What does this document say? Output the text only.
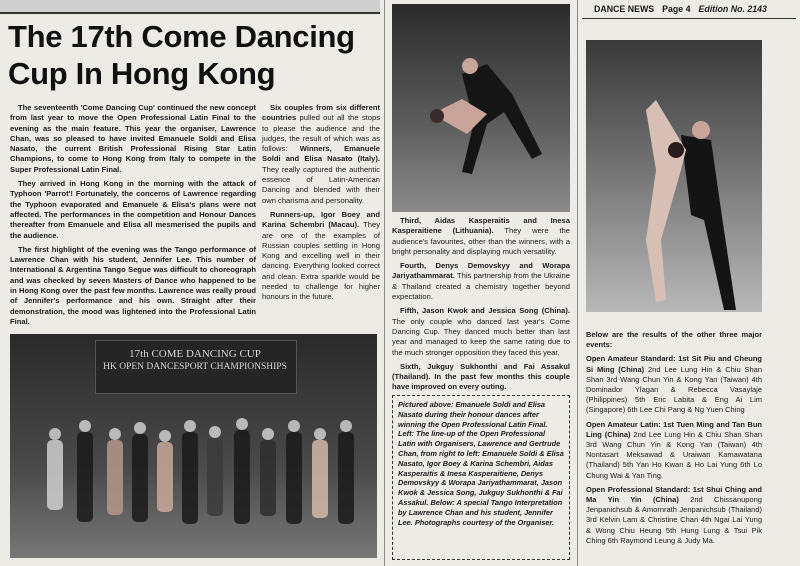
The 17th Come Dancing Cup In Hong Kong

The seventeenth 'Come Dancing Cup' continued the new concept from last year to move the Open Professional Latin Final to the evening as the main feature. This year the organiser, Lawrence Chan, was so pleased to have invited Emanuele Soldi and Elisa Nasato, the current British Professional Rising Star Latin Champions, to come to Hong Kong from Italy to compete in the Super Professional Latin Final.

They arrived in Hong Kong in the morning with the attack of Typhoon 'Parrot'! Fortunately, the concerns of Lawrence regarding the Typhoon evaporated and Emanuele & Elisa's plans were not affected. The performances in the competition and Honour Dances thereafter from Emanuele and Elisa all mesmerised the pupils and the audience.

The first highlight of the evening was the Tango performance of Lawrence Chan with his student, Jennifer Lee. This number of International & Argentina Tango Segue was difficult to choreograph and was checked by seven Masters of Dance who happened to be in Hong Kong over the past few months. Lawrence was really proud of Jennifer's performance and his own. Straight after their demonstration, the mood was lightened into the Professional Latin Final.

Six couples from six different countries pulled out all the stops to please the audience and the judges, the result of which was as follows: Winners, Emanuele Soldi and Elisa Nasato (Italy). They really captured the authentic essence of Latin-American Dancing and blended with their own charisma and personality.

Runners-up, Igor Boey and Karina Schembri (Macau). They are one of the examples of Russian couples settling in Hong Kong and excelling well in their dancing. Everything looked correct and clean. Extra sparkle would be needed to challenge for higher honours in the future.

17th COME DANCING CUP
HK OPEN DANCESPORT CHAMPIONSHIPS

Third, Aidas Kasperaitis and Inesa Kasperaitiene (Lithuania). They were the audience's favourites, other than the winners, with a bright personality and displaying much versatility.

Fourth, Denys Demovskyy and Worapa Jariyathammarat. This partnership from the Ukraine & Thailand created a chemistry together beyond expectation.

Fifth, Jason Kwok and Jessica Song (China). The only couple who danced last year's Come Dancing Cup. They danced much better than last year and managed to keep the same rating due to the much stronger opposition they faced this year.

Sixth, Jukguy Sukhonthi and Fai Assakul (Thailand). In the past few months this couple have improved on every outing.

Pictured above: Emanuele Soldi and Elisa Nasato during their honour dances after winning the Open Professional Latin Final. Left: The line-up of the Open Professional Latin with Organisers, Lawrence and Gertrude Chan, from right to left: Emanuele Soldi & Elisa Nasato, Igor Boey & Karina Schembri, Aidas Kasperaitis & Inesa Kasperaitiene, Denys Demovskyy & Worapa Jariyathammarat, Jason Kwok & Jessica Song, Jukguy Sukhonthi & Fai Assakul. Below: A special Tango Interpretation by Lawrence Chan and his student, Jennifer Lee. Photographs courtesy of the Organiser.
DANCE NEWS Page 4 Edition No. 2143

Below are the results of the other three major events:

Open Amateur Standard: 1st Sit Piu and Cheung Si Ming (China) 2nd Lee Lung Hin & Chiu Shan Shan 3rd Wang Chun Yin & Kong Yan (Taiwan) 4th Dominador Ylagan & Rebecca Vasaylaje (Philippines) 5th Eric Labita & Eng Ai Lim (Singapore) 6th Lee Chi Pang & Ng Yuen Ching

Open Amateur Latin: 1st Tuen Ming and Tan Bun Ling (China) 2nd Lee Lung Hin & Chiu Shan Shan 3rd Wang Chun Yin & Kong Yan (Taiwan) 4th Nontasart Meksawad & Uraiwan Kamawatana (Thailand) 5th Yan Ho Kwan & Ho Lai Yung 6th Lo Chung Wai & Yan Ting.

Open Professional Standard: 1st Shui Ching and Ma Yin Yin (China) 2nd Chissanupong Jenpanichsub & Amornrath Jenpanichsub (Thailand) 3rd Kelvin Lam & Christine Chan 4th Ngai Lai Yung & Wong Chiu Heung 5th Hung Lung & Tsui Pik Ching 6th Raymond Leung & Judy Ma.
